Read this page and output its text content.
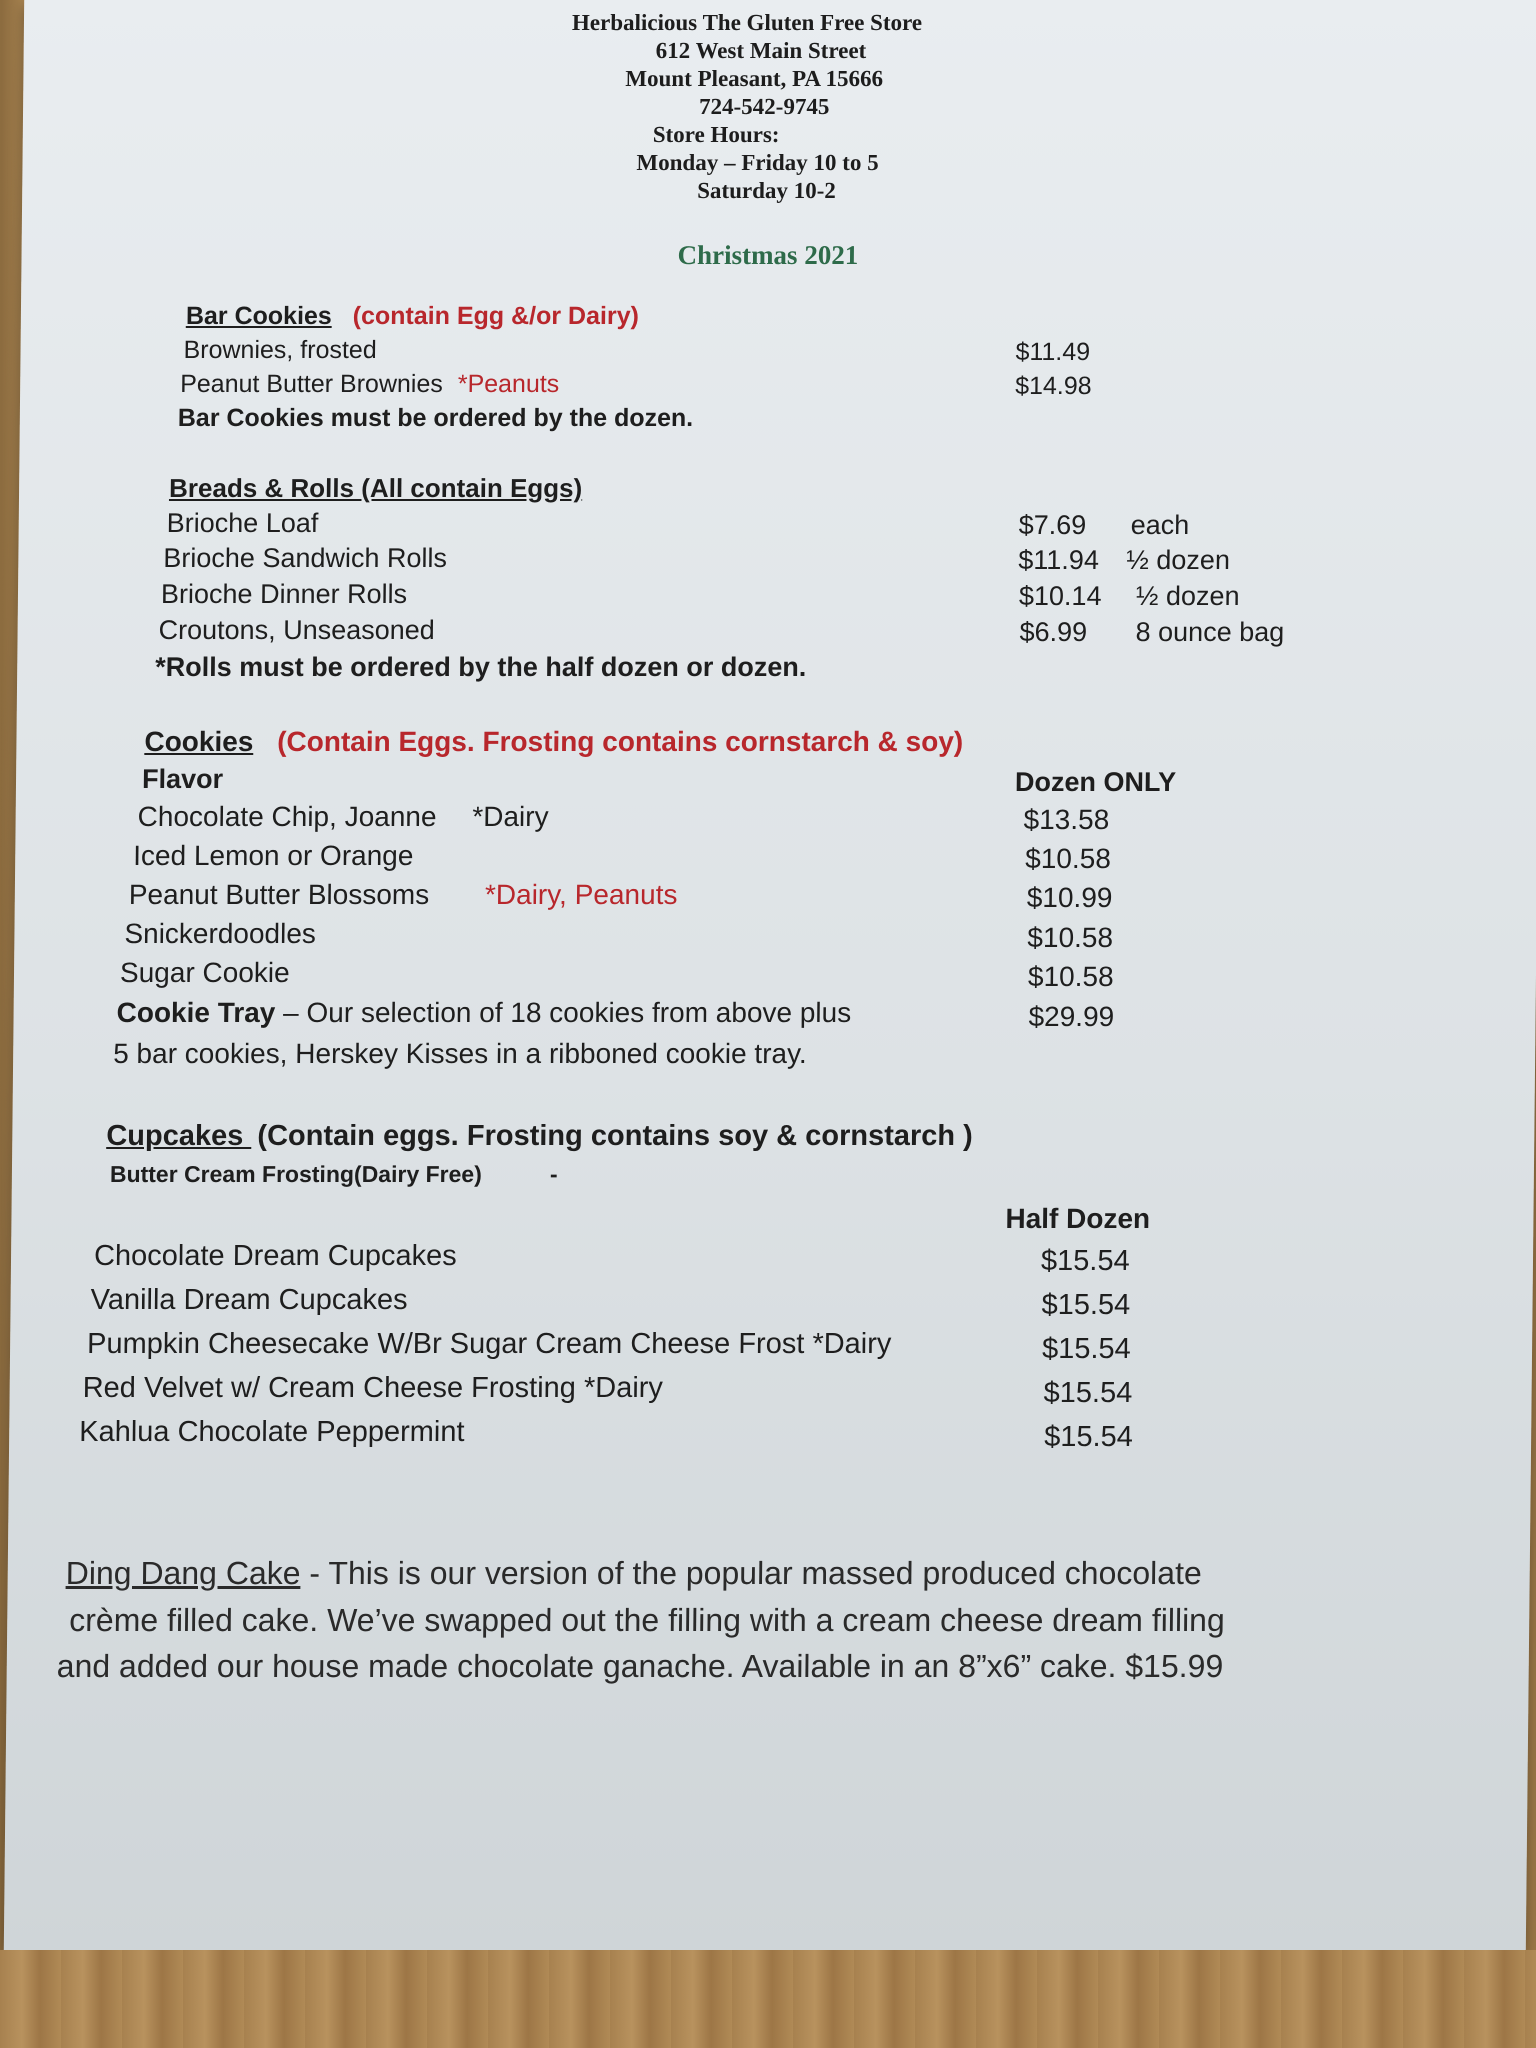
Herbalicious The Gluten Free Store
612 West Main Street
Mount Pleasant, PA 15666
724-542-9745
Store Hours:
Monday – Friday 10 to 5
Saturday 10-2
Christmas 2021
Bar Cookies (contain Egg &/or Dairy)
Brownies, frosted	$11.49
Peanut Butter Brownies *Peanuts	$14.98
Bar Cookies must be ordered by the dozen.
Breads & Rolls (All contain Eggs)
Brioche Loaf	$7.69 each
Brioche Sandwich Rolls	$11.94 ½ dozen
Brioche Dinner Rolls	$10.14 ½ dozen
Croutons, Unseasoned	$6.99 8 ounce bag
*Rolls must be ordered by the half dozen or dozen.
Cookies (Contain Eggs. Frosting contains cornstarch & soy)
Flavor	Dozen ONLY
Chocolate Chip, Joanne *Dairy	$13.58
Iced Lemon or Orange	$10.58
Peanut Butter Blossoms *Dairy, Peanuts	$10.99
Snickerdoodles	$10.58
Sugar Cookie	$10.58
Cookie Tray – Our selection of 18 cookies from above plus	$29.99
5 bar cookies, Herskey Kisses in a ribboned cookie tray.
Cupcakes (Contain eggs. Frosting contains soy & cornstarch )
Butter Cream Frosting(Dairy Free)	-
Half Dozen
Chocolate Dream Cupcakes	$15.54
Vanilla Dream Cupcakes	$15.54
Pumpkin Cheesecake W/Br Sugar Cream Cheese Frost *Dairy	$15.54
Red Velvet w/ Cream Cheese Frosting *Dairy	$15.54
Kahlua Chocolate Peppermint	$15.54
Ding Dang Cake - This is our version of the popular massed produced chocolate
crème filled cake. We’ve swapped out the filling with a cream cheese dream filling
and added our house made chocolate ganache. Available in an 8”x6” cake. $15.99
